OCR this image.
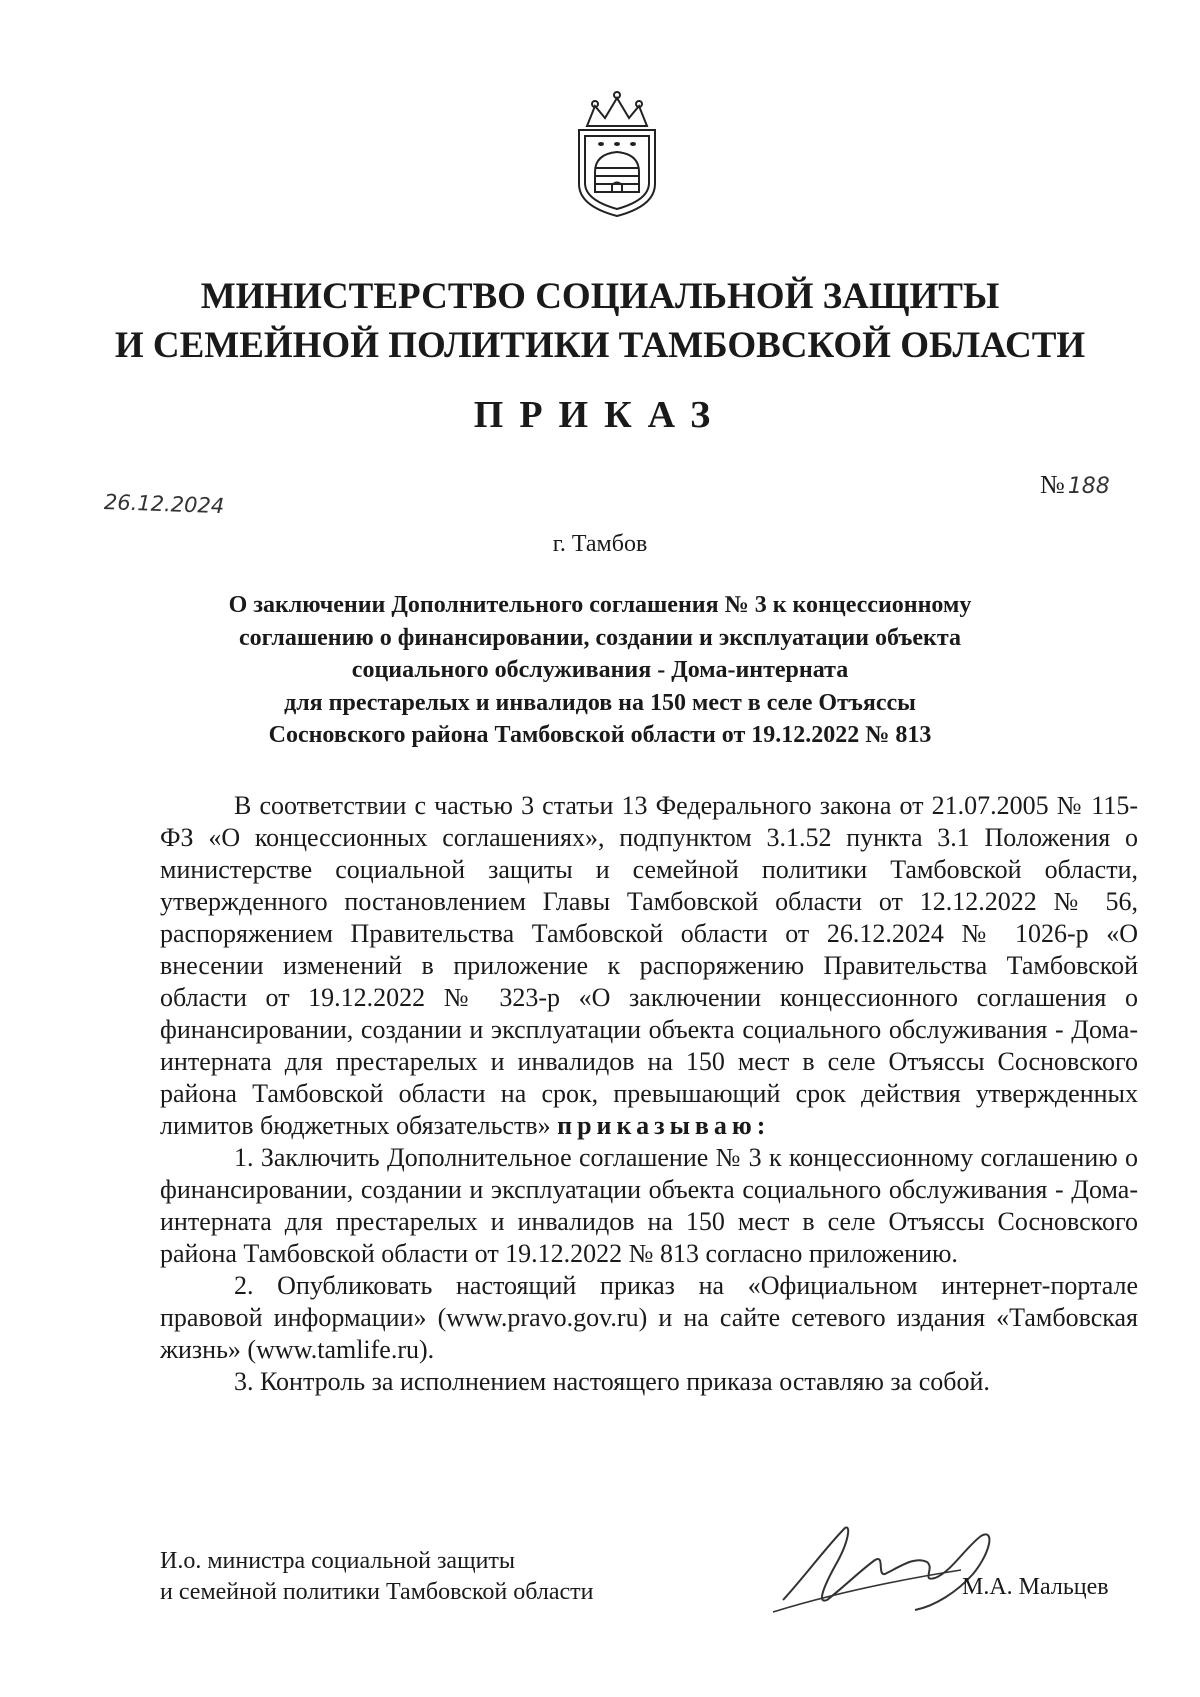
МИНИСТЕРСТВО СОЦИАЛЬНОЙ ЗАЩИТЫ
И СЕМЕЙНОЙ ПОЛИТИКИ ТАМБОВСКОЙ ОБЛАСТИ
ПРИКАЗ
26.12.2024
№ 188
г. Тамбов
О заключении Дополнительного соглашения № 3 к концессионному
соглашению о финансировании, создании и эксплуатации объекта
социального обслуживания - Дома-интерната
для престарелых и инвалидов на 150 мест в селе Отъяссы
Сосновского района Тамбовской области от 19.12.2022 № 813

В соответствии с частью 3 статьи 13 Федерального закона от 21.07.2005 № 115-ФЗ «О концессионных соглашениях», подпунктом 3.1.52 пункта 3.1 Положения о министерстве социальной защиты и семейной политики Тамбовской области, утвержденного постановлением Главы Тамбовской области от 12.12.2022 № 56, распоряжением Правительства Тамбовской области от 26.12.2024 № 1026-р «О внесении изменений в приложение к распоряжению Правительства Тамбовской области от 19.12.2022 № 323-р «О заключении концессионного соглашения о финансировании, создании и эксплуатации объекта социального обслуживания - Дома-интерната для престарелых и инвалидов на 150 мест в селе Отъяссы Сосновского района Тамбовской области на срок, превышающий срок действия утвержденных лимитов бюджетных обязательств» приказываю:

1. Заключить Дополнительное соглашение № 3 к концессионному соглашению о финансировании, создании и эксплуатации объекта социального обслуживания - Дома-интерната для престарелых и инвалидов на 150 мест в селе Отъяссы Сосновского района Тамбовской области от 19.12.2022 № 813 согласно приложению.

2. Опубликовать настоящий приказ на «Официальном интернет-портале правовой информации» (www.pravo.gov.ru) и на сайте сетевого издания «Тамбовская жизнь» (www.tamlife.ru).

3. Контроль за исполнением настоящего приказа оставляю за собой.

И.о. министра социальной защиты
и семейной политики Тамбовской области	М.А. Мальцев
